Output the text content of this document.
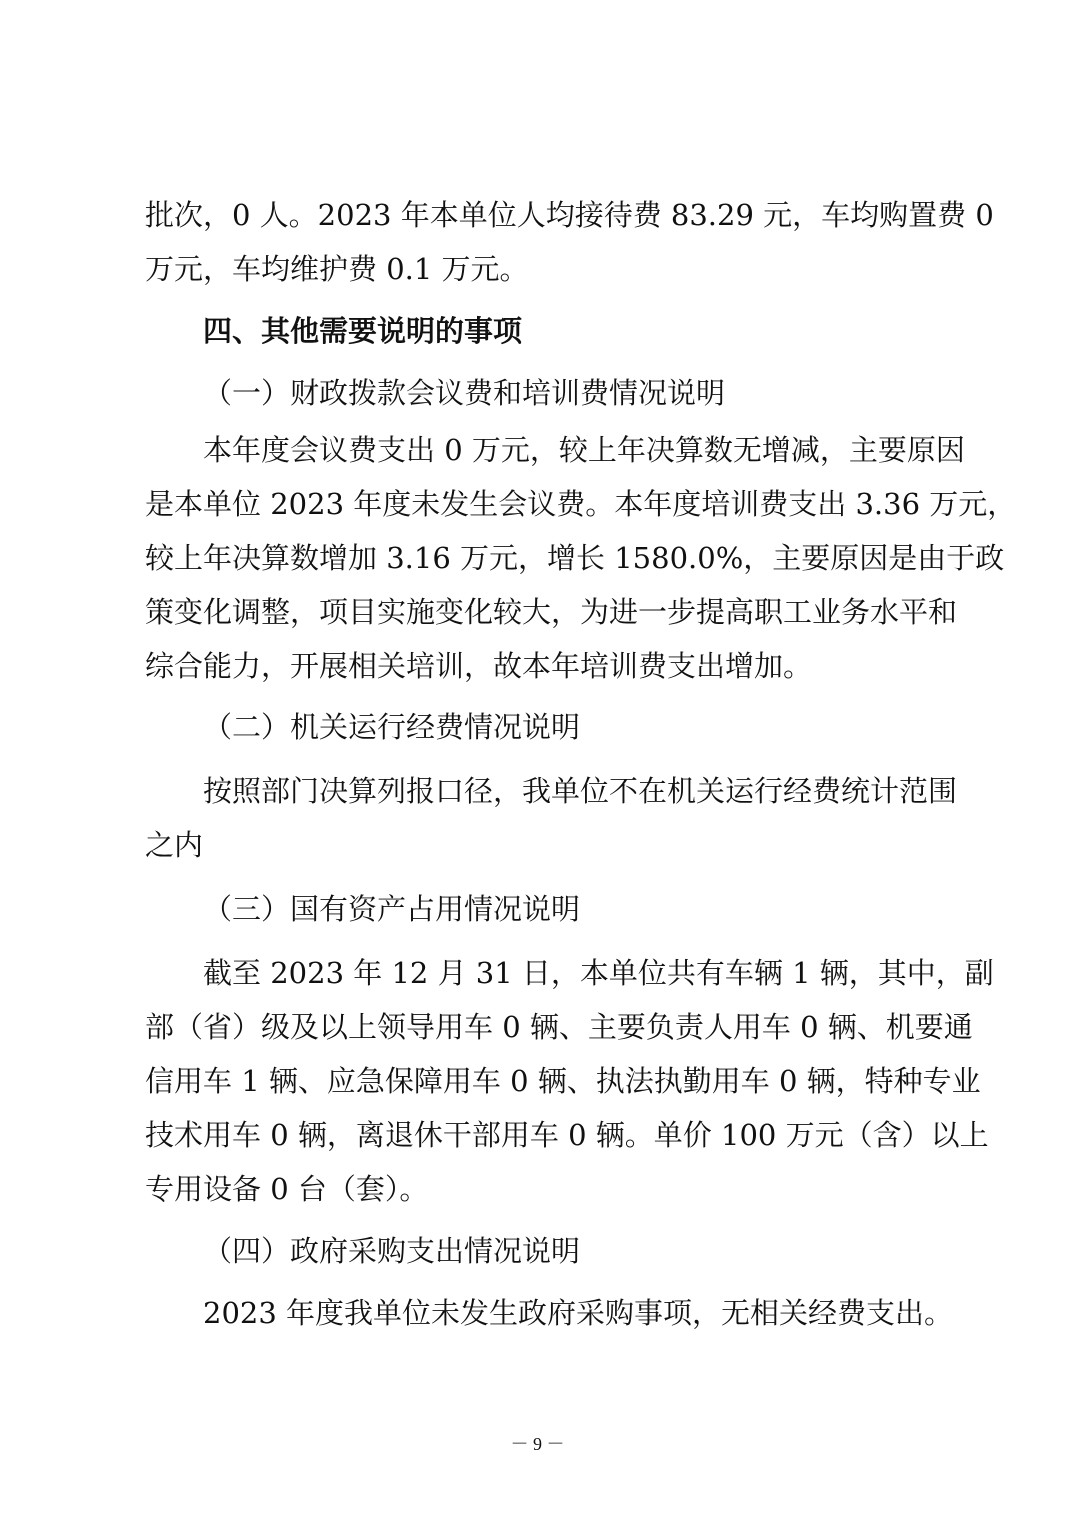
批次，0 人。2023 年本单位人均接待费 83.29 元，车均购置费 0
万元，车均维护费 0.1 万元。
四、其他需要说明的事项
（一）财政拨款会议费和培训费情况说明
本年度会议费支出 0 万元，较上年决算数无增减，主要原因
是本单位 2023 年度未发生会议费。本年度培训费支出 3.36 万元，
较上年决算数增加 3.16 万元，增长 1580.0%，主要原因是由于政
策变化调整，项目实施变化较大，为进一步提高职工业务水平和
综合能力，开展相关培训，故本年培训费支出增加。
（二）机关运行经费情况说明
按照部门决算列报口径，我单位不在机关运行经费统计范围
之内
（三）国有资产占用情况说明
截至 2023 年 12 月 31 日，本单位共有车辆 1 辆，其中，副
部（省）级及以上领导用车 0 辆、主要负责人用车 0 辆、机要通
信用车 1 辆、应急保障用车 0 辆、执法执勤用车 0 辆，特种专业
技术用车 0 辆，离退休干部用车 0 辆。单价 100 万元（含）以上
专用设备 0 台（套）。
（四）政府采购支出情况说明
2023 年度我单位未发生政府采购事项，无相关经费支出。
－ 9 －
